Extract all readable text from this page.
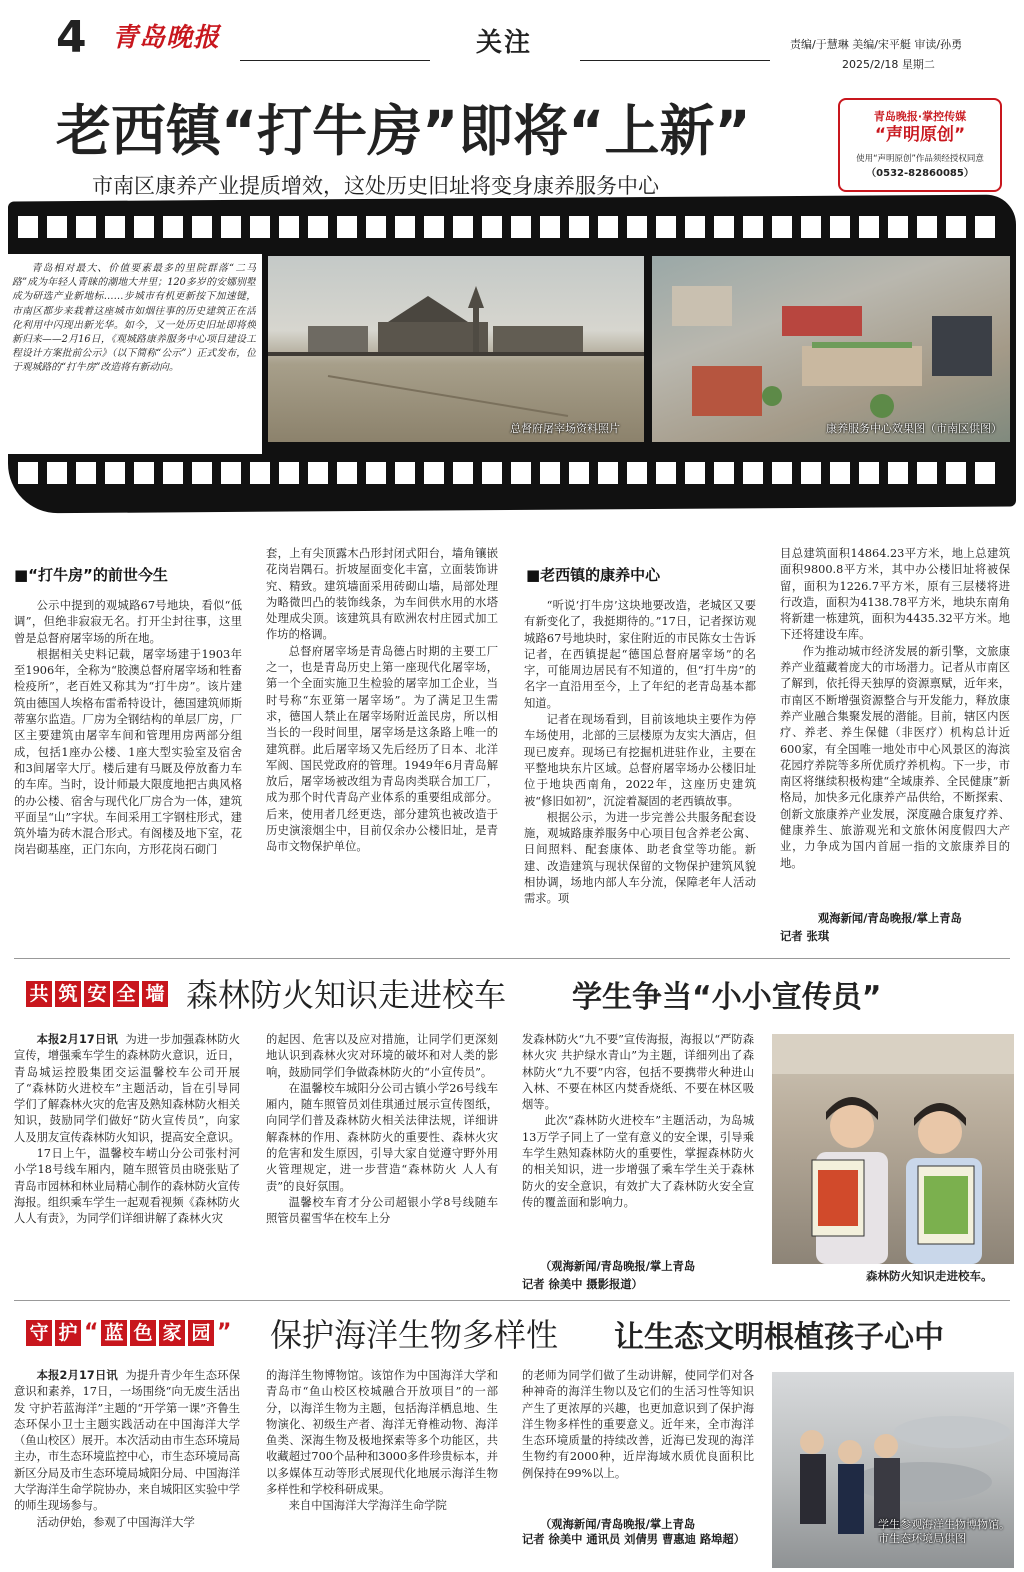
4 青岛晚报	关注	责编/于慧琳 美编/宋平艇 审读/孙勇
2025/2/18 星期二
青岛晚报·掌控传媒
“声明原创”
使用“声明原创”作品须经授权同意
（0532-82860085）
老西镇“打牛房”即将“上新”
市南区康养产业提质增效，这处历史旧址将变身康养服务中心

青岛相对最大、价值要素最多的里院群落“二马路”成为年轻人青睐的潮地大井里；120多岁的安娜别墅成为研选产业新地标……步城市有机更新按下加速键，市南区都步来栽着这座城市如烟往事的历史建筑正在活化利用中闪现出新光华。如今，又一处历史旧址即将焕新归来——2月16日，《观城路康养服务中心项目建设工程设计方案批前公示》（以下简称“公示”）正式发布，位于观城路的“打牛房”改造将有新动向。

总督府屠宰场资料照片	康养服务中心效果图（市南区供图）
■“打牛房”的前世今生

公示中提到的观城路67号地块，看似“低调”，但绝非寂寂无名。打开尘封往事，这里曾是总督府屠宰场的所在地。

根据相关史料记载，屠宰场建于1903年至1906年，全称为“胶澳总督府屠宰场和牲畜检疫所”，老百姓又称其为“打牛房”。该片建筑由德国人埃格布雷希特设计，德国建筑师斯蒂塞尔监造。厂房为全钢结构的单层厂房，厂区主要建筑由屠宰车间和管理用房两部分组成，包括1座办公楼、1座大型实验室及宿舍和3间屠宰大厅。楼后建有马厩及停放畜力车的车库。当时，设计师最大限度地把古典风格的办公楼、宿舍与现代化厂房合为一体，建筑平面呈“山”字状。车间采用工字钢柱形式，建筑外墙为砖木混合形式。有阁楼及地下室，花岗岩砌基座，正门东向，方形花岗石砌门

套，上有尖顶露木凸形封闭式阳台，墙角镶嵌花岗岩隅石。折坡屋面变化丰富，立面装饰讲究、精致。建筑墙面采用砖砌山墙，局部处理为略微凹凸的装饰线条，为车间供水用的水塔处理成尖顶。该建筑具有欧洲农村庄园式加工作坊的格调。

总督府屠宰场是青岛德占时期的主要工厂之一，也是青岛历史上第一座现代化屠宰场，第一个全面实施卫生检验的屠宰加工企业，当时号称“东亚第一屠宰场”。为了满足卫生需求，德国人禁止在屠宰场附近盖民房，所以相当长的一段时间里，屠宰场是这条路上唯一的建筑群。此后屠宰场又先后经历了日本、北洋军阀、国民党政府的管理。1949年6月青岛解放后，屠宰场被改组为青岛肉类联合加工厂，成为那个时代青岛产业体系的重要组成部分。后来，使用者几经更迭，部分建筑也被改造于历史演滚烟尘中，目前仅余办公楼旧址，是青岛市文物保护单位。

■老西镇的康养中心

“听说‘打牛房’这块地要改造，老城区又要有新变化了，我挺期待的。”17日，记者探访观城路67号地块时，家住附近的市民陈女士告诉记者，在西镇提起“德国总督府屠宰场”的名字，可能周边居民有不知道的，但“打牛房”的名字一直沿用至今，上了年纪的老青岛基本都知道。

记者在现场看到，目前该地块主要作为停车场使用，北部的三层楼原为友实大酒店，但现已废弃。现场已有挖掘机进驻作业，主要在平整地块东片区域。总督府屠宰场办公楼旧址位于地块西南角，2022年，这座历史建筑被“修旧如初”，沉淀着凝固的老西镇故事。

根据公示，为进一步完善公共服务配套设施，观城路康养服务中心项目包含养老公寓、日间照料、配套康体、助老食堂等功能。新建、改造建筑与现状保留的文物保护建筑风貌相协调，场地内部人车分流，保障老年人活动需求。项

目总建筑面积14864.23平方米，地上总建筑面积9800.8平方米，其中办公楼旧址将被保留，面积为1226.7平方米，原有三层楼将进行改造，面积为4138.78平方米，地块东南角将新建一栋建筑，面积为4435.32平方米。地下还将建设车库。

作为推动城市经济发展的新引擎，文旅康养产业蕴藏着庞大的市场潜力。记者从市南区了解到，依托得天独厚的资源禀赋，近年来，市南区不断增强资源整合与开发能力，释放康养产业融合集聚发展的潜能。目前，辖区内医疗、养老、养生保健（非医疗）机构总计近600家，有全国唯一地处市中心风景区的海滨花园疗养院等多所优质疗养机构。下一步，市南区将继续积极构建“全域康养、全民健康”新格局，加快多元化康养产品供给，不断探索、创新文旅康养产业发展，深度融合康复疗养、健康养生、旅游观光和文旅休闲度假四大产业，力争成为国内首屈一指的文旅康养目的地。

观海新闻/青岛晚报/掌上青岛
记者 张琪
共 筑 安 全 墙 森林防火知识走进校车 学生争当“小小宣传员”

本报2月17日讯 为进一步加强森林防火宣传，增强乘车学生的森林防火意识，近日，青岛城运控股集团交运温馨校车公司开展了“森林防火进校车”主题活动，旨在引导同学们了解森林火灾的危害及熟知森林防火相关知识，鼓励同学们做好“防火宣传员”，向家人及朋友宣传森林防火知识，提高安全意识。

17日上午，温馨校车崂山分公司张村河小学18号线车厢内，随车照管员由晓张贴了青岛市园林和林业局精心制作的森林防火宣传海报。组织乘车学生一起观看视频《森林防火人人有责》，为同学们详细讲解了森林火灾

的起因、危害以及应对措施，让同学们更深刻地认识到森林火灾对环境的破坏和对人类的影响，鼓励同学们争做森林防火的“小宣传员”。

在温馨校车城阳分公司古镇小学26号线车厢内，随车照管员刘佳琪通过展示宣传图纸，向同学们普及森林防火相关法律法规，详细讲解森林的作用、森林防火的重要性、森林火灾的危害和发生原因，引导大家自觉遵守野外用火管理规定，进一步营造“森林防火 人人有责”的良好氛围。

温馨校车育才分公司超银小学8号线随车照管员翟雪华在校车上分

发森林防火“九不要”宣传海报，海报以“严防森林火灾 共护绿水青山”为主题，详细列出了森林防火“九不要”内容，包括不要携带火种进山入林、不要在林区内焚香烧纸、不要在林区吸烟等。

此次“森林防火进校车”主题活动，为岛城13万学子同上了一堂有意义的安全课，引导乘车学生熟知森林防火的重要性，掌握森林防火的相关知识，进一步增强了乘车学生关于森林防火的安全意识，有效扩大了森林防火安全宣传的覆盖面和影响力。

（观海新闻/青岛晚报/掌上青岛
记者 徐美中 摄影报道）
森林防火知识走进校车。
守 护 “ 蓝 色 家 园 ” 保护海洋生物多样性 让生态文明根植孩子心中

本报2月17日讯 为提升青少年生态环保意识和素养，17日，一场围绕“向无废生活出发 守护若蓝海洋”主题的“开学第一课”齐鲁生态环保小卫士主题实践活动在中国海洋大学（鱼山校区）展开。本次活动由市生态环境局主办，市生态环境监控中心，市生态环境局高新区分局及市生态环境局城阳分局、中国海洋大学海洋生命学院协办，来自城阳区实验中学的师生现场参与。

活动伊始，参观了中国海洋大学

的海洋生物博物馆。该馆作为中国海洋大学和青岛市“鱼山校区校城融合开放项目”的一部分，以海洋生物为主题，包括海洋栖息地、生物演化、初级生产者、海洋无脊椎动物、海洋鱼类、深海生物及极地探索等多个功能区，共收藏超过700个品种和3000多件珍贵标本，并以多媒体互动等形式展现代化地展示海洋生物多样性和学校科研成果。

来自中国海洋大学海洋生命学院

的老师为同学们做了生动讲解，使同学们对各种神奇的海洋生物以及它们的生活习性等知识产生了更浓厚的兴趣，也更加意识到了保护海洋生物多样性的重要意义。近年来，全市海洋生态环境质量的持续改善，近海已发现的海洋生物约有2000种，近岸海域水质优良面积比例保持在99%以上。

（观海新闻/青岛晚报/掌上青岛
记者 徐美中 通讯员 刘倩男 曹惠迪 路埠超）
学生参观海洋生物博物馆。市生态环境局供图
